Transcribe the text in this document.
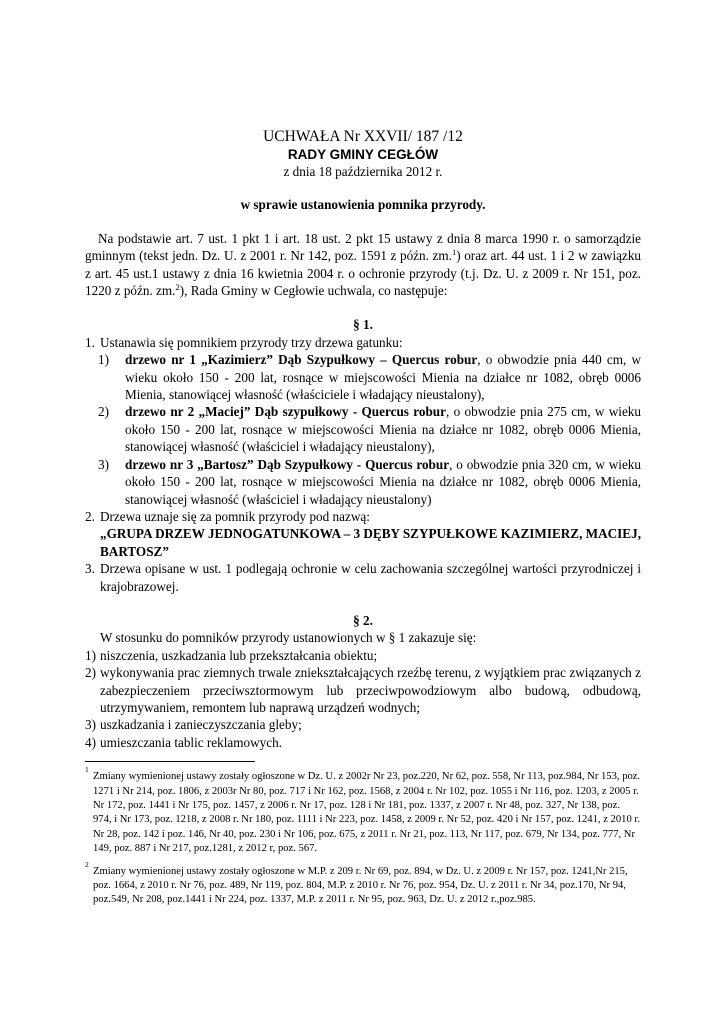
UCHWAŁA Nr XXVII/ 187 /12

RADY GMINY CEGŁÓW

z dnia 18 października 2012 r.

w sprawie ustanowienia pomnika przyrody.
Na podstawie art. 7 ust. 1 pkt 1 i art. 18 ust. 2 pkt 15 ustawy z dnia 8 marca 1990 r. o samorządzie gminnym (tekst jedn. Dz. U. z 2001 r. Nr 142, poz. 1591 z późn. zm.$^1$) oraz art. 44 ust. 1 i 2 w zawiązku z art. 45 ust.1 ustawy z dnia 16 kwietnia 2004 r. o ochronie przyrody (t.j. Dz. U. z 2009 r. Nr 151, poz. 1220 z późn. zm.$^2$), Rada Gminy w Cegłowie uchwala, co następuje:
§ 1.
1. Ustanawia się pomnikiem przyrody trzy drzewa gatunku:
1)	drzewo nr 1 „Kazimierz” Dąb Szypułkowy – Quercus robur, o obwodzie pnia 440 cm, w wieku około 150 - 200 lat, rosnące w miejscowości Mienia na działce nr 1082, obręb 0006 Mienia, stanowiącej własność (właściciele i władający nieustalony),
2)	drzewo nr 2 „Maciej” Dąb szypułkowy - Quercus robur, o obwodzie pnia 275 cm, w wieku około 150 - 200 lat, rosnące w miejscowości Mienia na działce nr 1082, obręb 0006 Mienia, stanowiącej własność (właściciel i władający nieustalony),
3)	drzewo nr 3 „Bartosz” Dąb Szypułkowy - Quercus robur, o obwodzie pnia 320 cm, w wieku około 150 - 200 lat, rosnące w miejscowości Mienia na działce nr 1082, obręb 0006 Mienia, stanowiącej własność (właściciel i władający nieustalony)
2. Drzewa uznaje się za pomnik przyrody pod nazwą:
„GRUPA DRZEW JEDNOGATUNKOWA – 3 DĘBY SZYPUŁKOWE KAZIMIERZ, MACIEJ, BARTOSZ”
3. Drzewa opisane w ust. 1 podlegają ochronie w celu zachowania szczególnej wartości przyrodniczej i krajobrazowej.
§ 2.
W stosunku do pomników przyrody ustanowionych w § 1 zakazuje się:
1) niszczenia, uszkadzania lub przekształcania obiektu;
2) wykonywania prac ziemnych trwale zniekształcających rzeźbę terenu, z wyjątkiem prac związanych z zabezpieczeniem przeciwsztormowym lub przeciwpowodziowym albo budową, odbudową, utrzymywaniem, remontem lub naprawą urządzeń wodnych;
3) uszkadzania i zanieczyszczania gleby;
4) umieszczania tablic reklamowych.
1
Zmiany wymienionej ustawy zostały ogłoszone w Dz. U. z 2002r Nr 23, poz.220, Nr 62, poz. 558, Nr 113, poz.984, Nr 153, poz. 1271 i Nr 214, poz. 1806, z 2003r Nr 80, poz. 717 i Nr 162, poz. 1568, z 2004 r. Nr 102, poz. 1055 i Nr 116, poz. 1203, z 2005 r. Nr 172, poz. 1441 i Nr 175, poz. 1457, z 2006 r. Nr 17, poz. 128 i Nr 181, poz. 1337, z 2007 r. Nr 48, poz. 327, Nr 138, poz. 974, i Nr 173, poz. 1218, z 2008 r. Nr 180, poz. 1111 i Nr 223, poz. 1458, z 2009 r. Nr 52, poz. 420 i Nr 157, poz. 1241, z 2010 r. Nr 28, poz. 142 i poz. 146, Nr 40, poz. 230 i Nr 106, poz. 675, z 2011 r. Nr 21, poz. 113, Nr 117, poz. 679, Nr 134, poz. 777, Nr 149, poz. 887 i Nr 217, poz.1281, z 2012 r, poz. 567.
2
Zmiany wymienionej ustawy zostały ogłoszone w M.P. z 209 r. Nr 69, poz. 894, w Dz. U. z 2009 r. Nr 157, poz. 1241,Nr 215, poz. 1664, z 2010 r. Nr 76, poz. 489, Nr 119, poz. 804, M.P. z 2010 r. Nr 76, poz. 954, Dz. U. z 2011 r. Nr 34, poz.170, Nr 94, poz.549, Nr 208, poz.1441 i Nr 224, poz. 1337, M.P. z 2011 r. Nr 95, poz. 963, Dz. U. z 2012 r.,poz.985.
